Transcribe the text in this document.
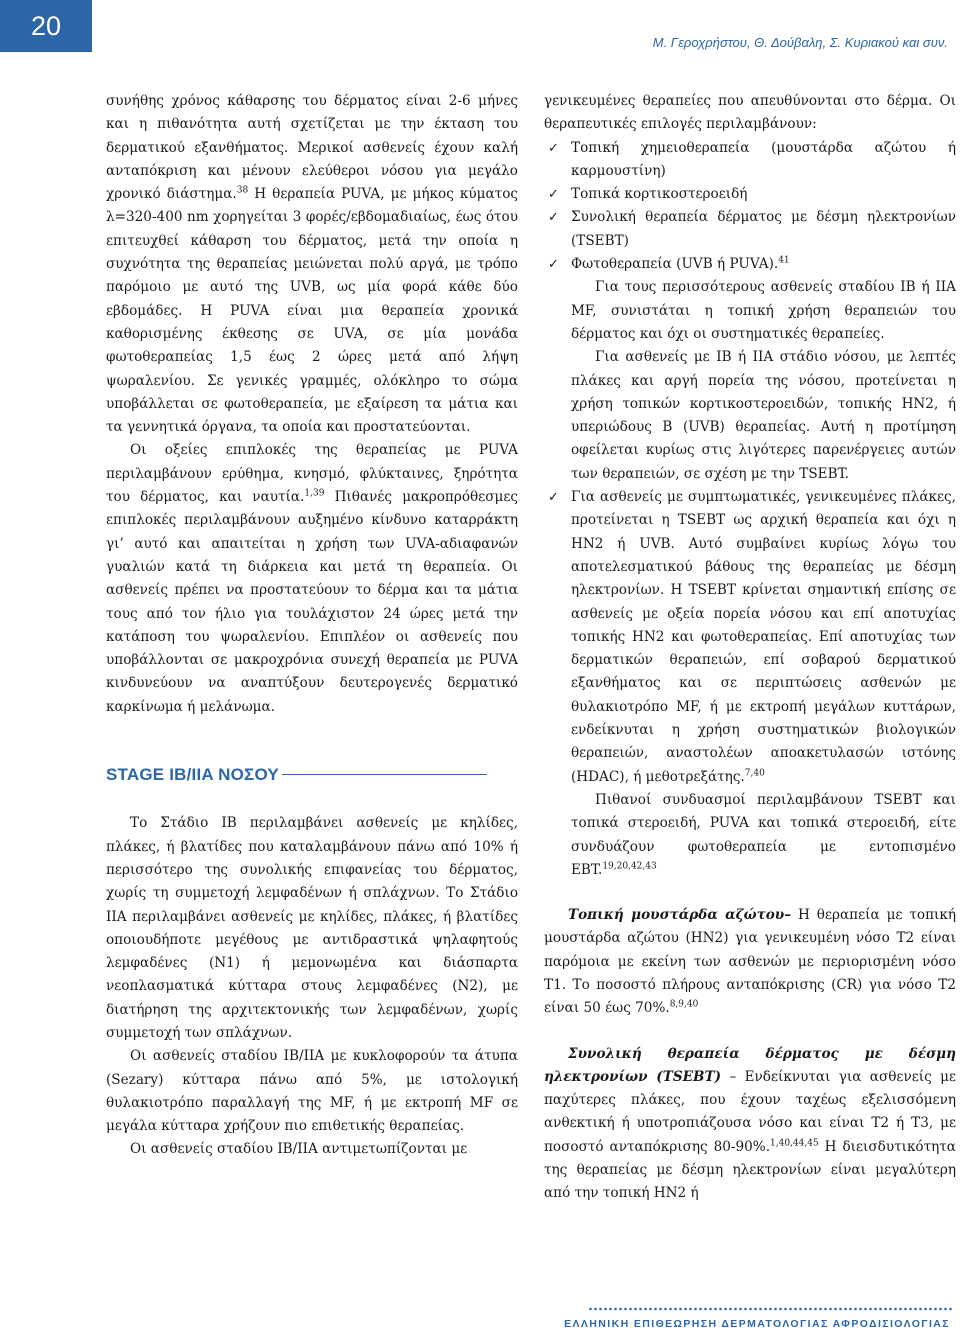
20
Μ. Γεροχρήστου, Θ. Δούβαλη, Σ. Κυριακού και συν.

συνήθης χρόνος κάθαρσης του δέρματος είναι 2-6 μήνες και η πιθανότητα αυτή σχετίζεται με την έκταση του δερματικού εξανθήματος. Μερικοί ασθενείς έχουν καλή ανταπόκριση και μένουν ελεύθεροι νόσου για μεγάλο χρονικό διάστημα.$^{38}$ Η θεραπεία PUVA, με μήκος κύματος λ=320-400 nm χορηγείται 3 φορές/εβδομαδιαίως, έως ότου επιτευχθεί κάθαρση του δέρματος, μετά την οποία η συχνότητα της θεραπείας μειώνεται πολύ αργά, με τρόπο παρόμοιο με αυτό της UVB, ως μία φορά κάθε δύο εβδομάδες. Η PUVA είναι μια θεραπεία χρονικά καθορισμένης έκθεσης σε UVA, σε μία μονάδα φωτοθεραπείας 1,5 έως 2 ώρες μετά από λήψη ψωραλενίου. Σε γενικές γραμμές, ολόκληρο το σώμα υποβάλλεται σε φωτοθεραπεία, με εξαίρεση τα μάτια και τα γεννητικά όργανα, τα οποία και προστατεύονται.

Οι οξείες επιπλοκές της θεραπείας με PUVA περιλαμβάνουν ερύθημα, κνησμό, φλύκταινες, ξηρότητα του δέρματος, και ναυτία.$^{1,39}$ Πιθανές μακροπρόθεσμες επιπλοκές περιλαμβάνουν αυξημένο κίνδυνο καταρράκτη γι’ αυτό και απαιτείται η χρήση των UVA-αδιαφανών γυαλιών κατά τη διάρκεια και μετά τη θεραπεία. Οι ασθενείς πρέπει να προστατεύουν το δέρμα και τα μάτια τους από τον ήλιο για τουλάχιστον 24 ώρες μετά την κατάποση του ψωραλενίου. Επιπλέον οι ασθενείς που υποβάλλονται σε μακροχρόνια συνεχή θεραπεία με PUVA κινδυνεύουν να αναπτύξουν δευτερογενές δερματικό καρκίνωμα ή μελάνωμα.

STAGE IB/IIA ΝΟΣΟΥ

Το Στάδιο IB περιλαμβάνει ασθενείς με κηλίδες, πλάκες, ή βλατίδες που καταλαμβάνουν πάνω από 10% ή περισσότερο της συνολικής επιφανείας του δέρματος, χωρίς τη συμμετοχή λεμφαδένων ή σπλάχνων. Το Στάδιο IIA περιλαμβάνει ασθενείς με κηλίδες, πλάκες, ή βλατίδες οποιουδήποτε μεγέθους με αντιδραστικά ψηλαφητούς λεμφαδένες (N1) ή μεμονωμένα και διάσπαρτα νεοπλασματικά κύτταρα στους λεμφαδένες (N2), με διατήρηση της αρχιτεκτονικής των λεμφαδένων, χωρίς συμμετοχή των σπλάχνων.

Οι ασθενείς σταδίου IB/IIA με κυκλοφορούν τα άτυπα (Sezary) κύτταρα πάνω από 5%, με ιστολογική θυλακιοτρόπο παραλλαγή της MF, ή με εκτροπή MF σε μεγάλα κύτταρα χρήζουν πιο επιθετικής θεραπείας.

Οι ασθενείς σταδίου IB/IIA αντιμετωπίζονται με

γενικευμένες θεραπείες που απευθύνονται στο δέρμα. Οι θεραπευτικές επιλογές περιλαμβάνουν:

✓ Τοπική χημειοθεραπεία (μουστάρδα αζώτου ή καρμουστίνη)
✓ Τοπικά κορτικοστεροειδή
✓ Συνολική θεραπεία δέρματος με δέσμη ηλεκτρονίων (TSEBT)
✓ Φωτοθεραπεία (UVB ή PUVA).$^{41}$

Για τους περισσότερους ασθενείς σταδίου IB ή IIA MF, συνιστάται η τοπική χρήση θεραπειών του δέρματος και όχι οι συστηματικές θεραπείες.

Για ασθενείς με IB ή IIA στάδιο νόσου, με λεπτές πλάκες και αργή πορεία της νόσου, προτείνεται η χρήση τοπικών κορτικοστεροειδών, τοπικής HN2, ή υπεριώδους B (UVB) θεραπείας. Αυτή η προτίμηση οφείλεται κυρίως στις λιγότερες παρενέργειες αυτών των θεραπειών, σε σχέση με την TSEBT.

✓ Για ασθενείς με συμπτωματικές, γενικευμένες πλάκες, προτείνεται η TSEBT ως αρχική θεραπεία και όχι η HN2 ή UVB. Αυτό συμβαίνει κυρίως λόγω του αποτελεσματικού βάθους της θεραπείας με δέσμη ηλεκτρονίων. Η TSEBT κρίνεται σημαντική επίσης σε ασθενείς με οξεία πορεία νόσου και επί αποτυχίας τοπικής HN2 και φωτοθεραπείας. Επί αποτυχίας των δερματικών θεραπειών, επί σοβαρού δερματικού εξανθήματος και σε περιπτώσεις ασθενών με θυλακιοτρόπο MF, ή με εκτροπή μεγάλων κυττάρων, ενδείκνυται η χρήση συστηματικών βιολογικών θεραπειών, αναστολέων αποακετυλασών ιστόνης (HDAC), ή μεθοτρεξάτης.$^{7,40}$

Πιθανοί συνδυασμοί περιλαμβάνουν TSEBT και τοπικά στεροειδή, PUVA και τοπικά στεροειδή, είτε συνδυάζουν φωτοθεραπεία με εντοπισμένο EBT.$^{19,20,42,43}$

Τοπική μουστάρδα αζώτου– Η θεραπεία με τοπική μουστάρδα αζώτου (HN2) για γενικευμένη νόσο T2 είναι παρόμοια με εκείνη των ασθενών με περιορισμένη νόσο T1. Το ποσοστό πλήρους ανταπόκρισης (CR) για νόσο T2 είναι 50 έως 70%.$^{8,9,40}$

Συνολική θεραπεία δέρματος με δέσμη ηλεκτρονίων (TSEBT) – Ενδείκνυται για ασθενείς με παχύτερες πλάκες, που έχουν ταχέως εξελισσόμενη ανθεκτική ή υποτροπιάζουσα νόσο και είναι T2 ή T3, με ποσοστό ανταπόκρισης 80-90%.$^{1,40,44,45}$ Η διεισδυτικότητα της θεραπείας με δέσμη ηλεκτρονίων είναι μεγαλύτερη από την τοπική HN2 ή

ΕΛΛΗΝΙΚΗ ΕΠΙΘΕΩΡΗΣΗ ΔΕΡΜΑΤΟΛΟΓΙΑΣ ΑΦΡΟΔΙΣΙΟΛΟΓΙΑΣ
